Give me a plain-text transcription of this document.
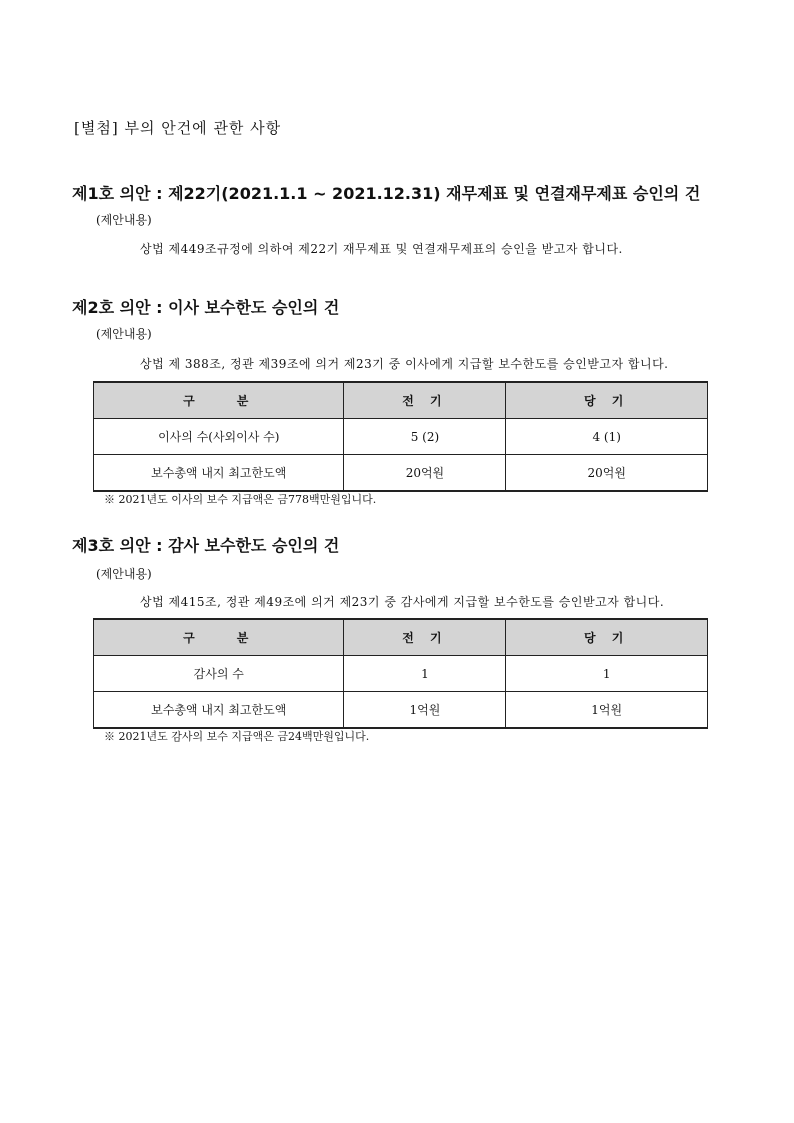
[별첨] 부의 안건에 관한 사항
제1호 의안 : 제22기(2021.1.1 ~ 2021.12.31) 재무제표 및 연결재무제표 승인의 건
(제안내용)
상법 제449조규정에 의하여 제22기 재무제표 및 연결재무제표의 승인을 받고자 합니다.
제2호 의안 : 이사 보수한도 승인의 건
(제안내용)
상법 제 388조, 정관 제39조에 의거 제23기 중 이사에게 지급할 보수한도를 승인받고자 합니다.
구　　분	전 기	당 기
이사의 수(사외이사 수)	5 (2)	4 (1)
보수총액 내지 최고한도액	20억원	20억원
※ 2021년도 이사의 보수 지급액은 금778백만원입니다.
제3호 의안 : 감사 보수한도 승인의 건
(제안내용)
상법 제415조, 정관 제49조에 의거 제23기 중 감사에게 지급할 보수한도를 승인받고자 합니다.
구　　분	전 기	당 기
감사의 수	1	1
보수총액 내지 최고한도액	1억원	1억원
※ 2021년도 감사의 보수 지급액은 금24백만원입니다.
